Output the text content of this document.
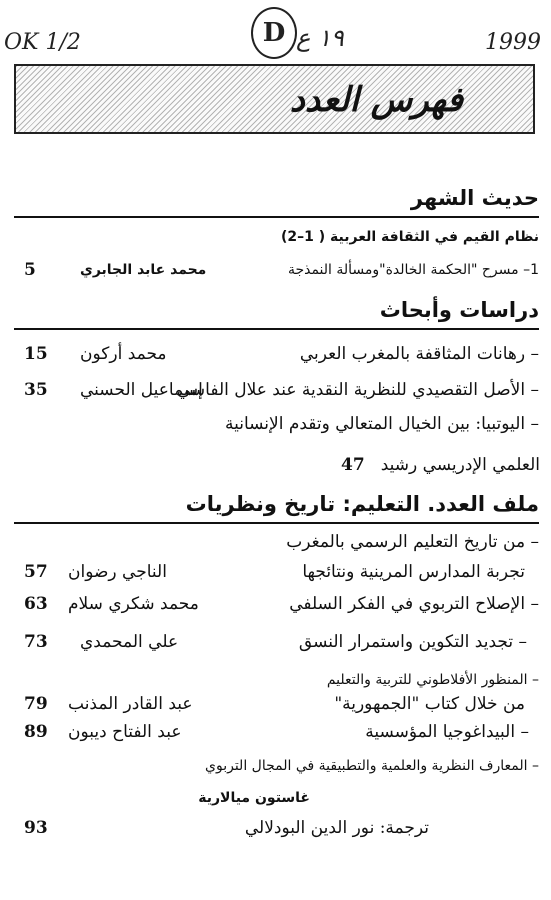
OK 1/2	D ١٩ ع	1999
فهرس العدد
حديث الشهر
نظام القيم في الثقافة العربية ( 1–2)
1– مسرح "الحكمة الخالدة"ومسألة النمذجة
محمد عابد الجابري
5
دراسات وأبحاث
– رهانات المثاقفة بالمغرب العربي
محمد أركون
15
– الأصل التقصيدي للنظرية النقدية عند علال الفاسي
إسماعيل الحسني
35
– اليوتبيا: بين الخيال المتعالي وتقدم الإنسانية
العلمي الإدريسي رشيد
47
ملف العدد. التعليم: تاريخ ونظريات
– من تاريخ التعليم الرسمي بالمغرب
تجربة المدارس المرينية ونتائجها
الناجي رضوان
57
– الإصلاح التربوي في الفكر السلفي
محمد شكري سلام
63
– تجديد التكوين واستمرار النسق
علي المحمدي
73
– المنظور الأفلاطوني للتربية والتعليم
من خلال كتاب "الجمهورية"
عبد القادر المذنب
79
– البيداغوجيا المؤسسية
عبد الفتاح ديبون
89
– المعارف النظرية والعلمية والتطبيقية في المجال التربوي
غاستون ميالارية
ترجمة: نور الدين البودلالي
93
